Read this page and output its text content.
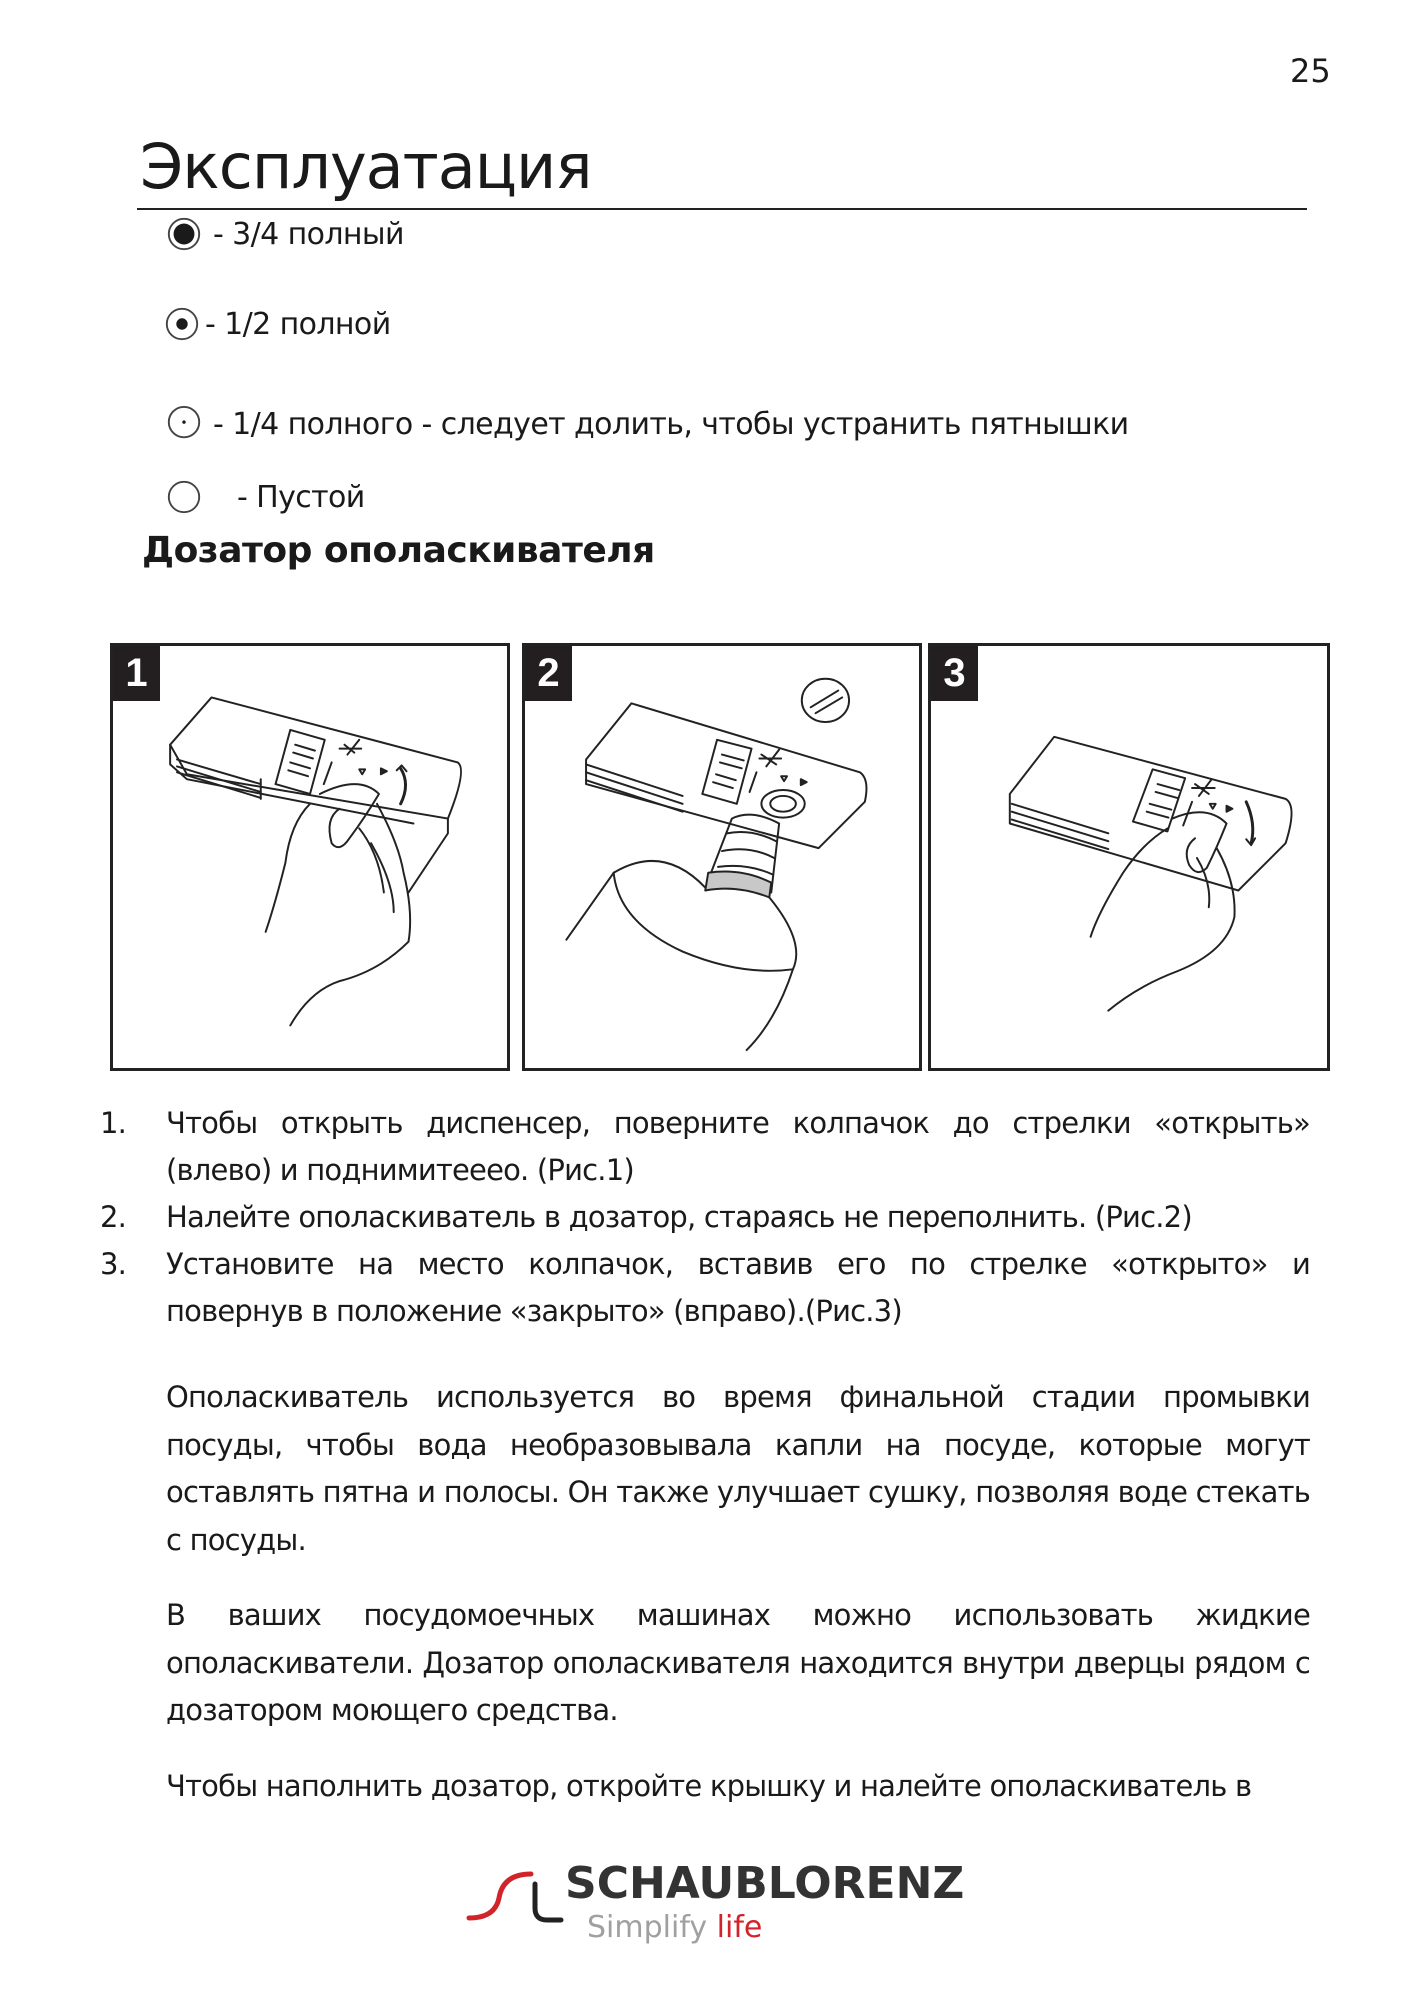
25
Эксплуатация
- 3/4 полный
- 1/2 полной
- 1/4 полного - следует долить, чтобы устранить пятнышки
- Пустой
Дозатор ополаскивателя
1	2	3
1.	Чтобы открыть диспенсер, поверните колпачок до стрелки «открыть» (влево) и поднимитееео. (Рис.1)
2.	Налейте ополаскиватель в дозатор, стараясь не переполнить. (Рис.2)
3.	Установите на место колпачок, вставив его по стрелке «открыто» и повернув в положение «закрыто» (вправо).(Рис.3)

Ополаскиватель используется во время финальной стадии промывки посуды, чтобы вода необразовывала капли на посуде, которые могут оставлять пятна и полосы. Он также улучшает сушку, позволяя воде стекать с посуды.

В ваших посудомоечных машинах можно использовать жидкие ополаскиватели. Дозатор ополаскивателя находится внутри дверцы рядом с дозатором моющего средства.

Чтобы наполнить дозатор, откройте крышку и налейте ополаскиватель в

SCHAUBLORENZ
Simplify life
